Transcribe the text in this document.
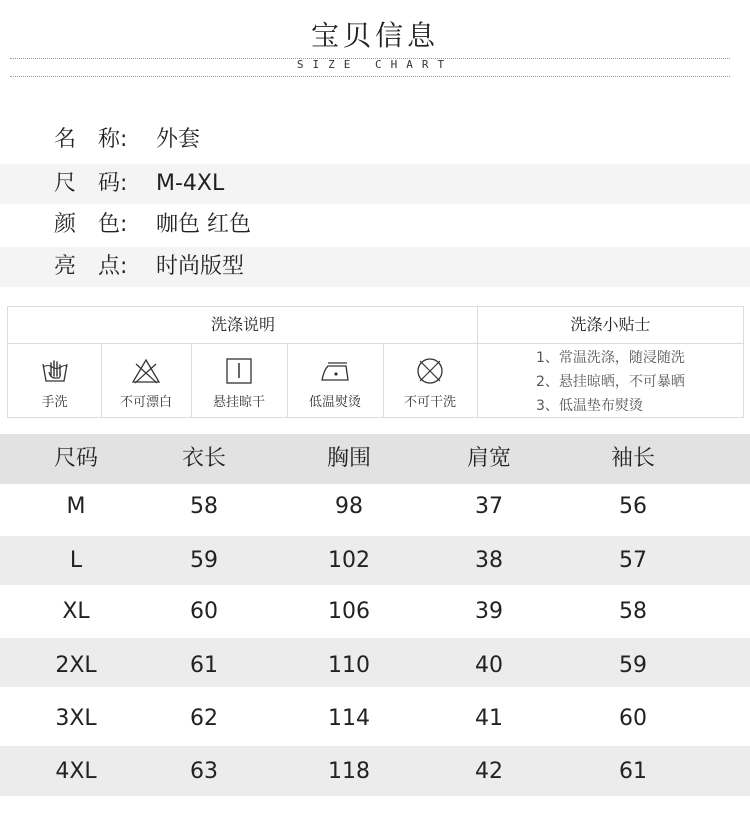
宝贝信息
SIZE CHART
名　称:	外套
尺　码:	M-4XL
颜　色:	咖色 红色
亮　点:	时尚版型
洗涤说明	洗涤小贴士
手洗	不可漂白	悬挂晾干	低温熨烫	不可干洗
1、常温洗涤，随浸随洗
2、悬挂晾晒，不可暴晒
3、低温垫布熨烫
尺码	衣长	胸围	肩宽	袖长
M	58	98	37	56
L	59	102	38	57
XL	60	106	39	58
2XL	61	110	40	59
3XL	62	114	41	60
4XL	63	118	42	61
